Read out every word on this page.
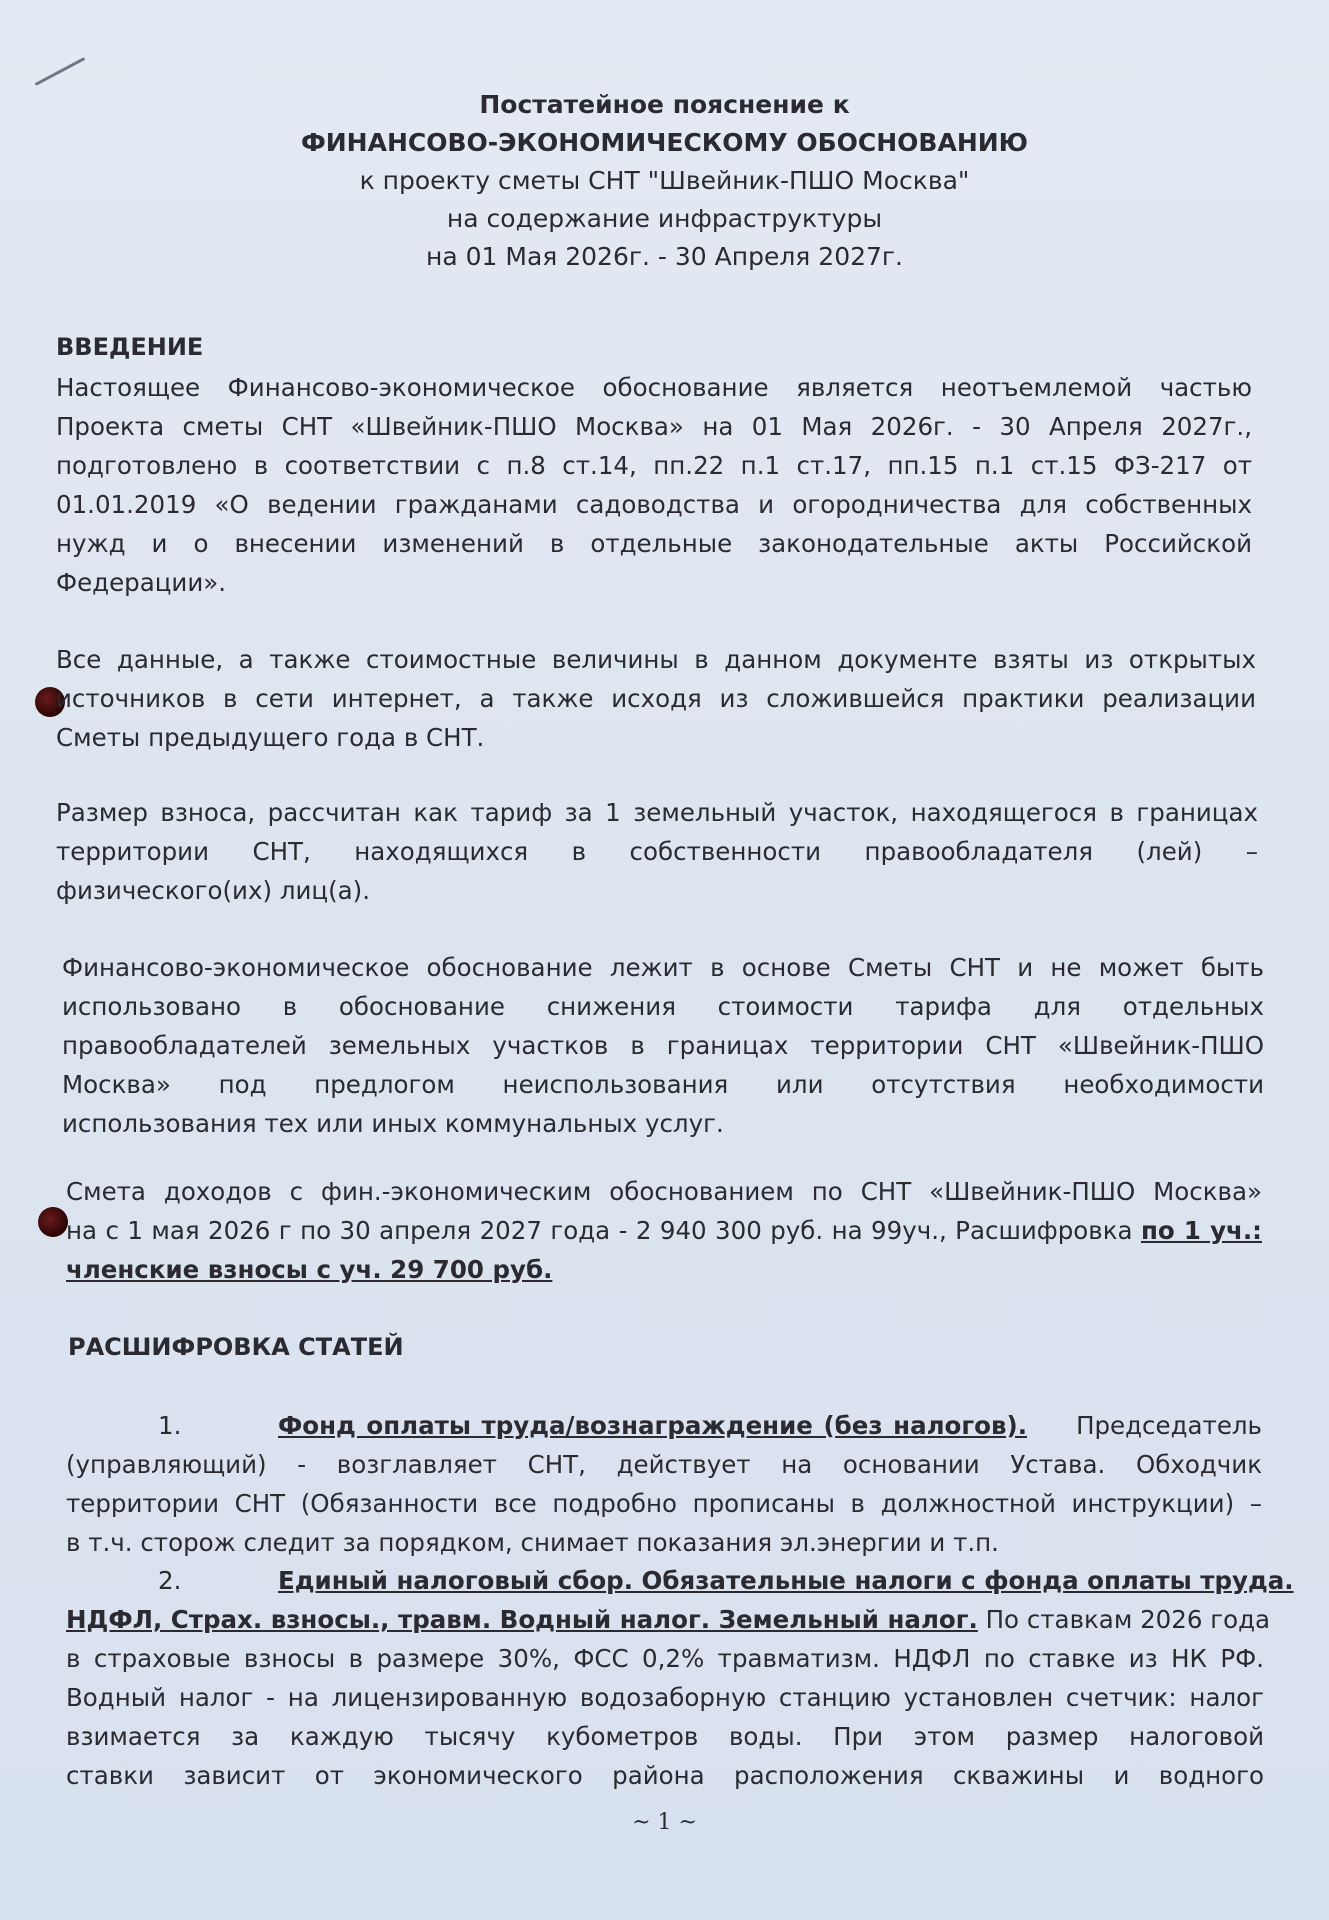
Постатейное пояснение к
ФИНАНСОВО-ЭКОНОМИЧЕСКОМУ ОБОСНОВАНИЮ
к проекту сметы СНТ "Швейник-ПШО Москва"
на содержание инфраструктуры
на 01 Мая 2026г. - 30 Апреля 2027г.
ВВЕДЕНИЕ
Настоящее Финансово-экономическое обоснование является неотъемлемой частью
Проекта сметы СНТ «Швейник-ПШО Москва» на 01 Мая 2026г. - 30 Апреля 2027г.,
подготовлено в соответствии с п.8 ст.14, пп.22 п.1 ст.17, пп.15 п.1 ст.15 ФЗ-217 от
01.01.2019 «О ведении гражданами садоводства и огородничества для собственных
нужд и о внесении изменений в отдельные законодательные акты Российской
Федерации».
Все данные, а также стоимостные величины в данном документе взяты из открытых
источников в сети интернет, а также исходя из сложившейся практики реализации
Сметы предыдущего года в СНТ.
Размер взноса, рассчитан как тариф за 1 земельный участок, находящегося в границах
территории СНТ, находящихся в собственности правообладателя (лей) –
физического(их) лиц(а).
Финансово-экономическое обоснование лежит в основе Сметы СНТ и не может быть
использовано в обоснование снижения стоимости тарифа для отдельных
правообладателей земельных участков в границах территории СНТ «Швейник-ПШО
Москва» под предлогом неиспользования или отсутствия необходимости
использования тех или иных коммунальных услуг.
Смета доходов с фин.-экономическим обоснованием по СНТ «Швейник-ПШО Москва»
на с 1 мая 2026 г по 30 апреля 2027 года - 2 940 300 руб. на 99уч., Расшифровка по 1 уч.:
членские взносы с уч. 29 700 руб.
РАСШИФРОВКА СТАТЕЙ
1.	Фонд оплаты труда/вознаграждение (без налогов). Председатель
(управляющий) - возглавляет СНТ, действует на основании Устава. Обходчик
территории СНТ (Обязанности все подробно прописаны в должностной инструкции) –
в т.ч. сторож следит за порядком, снимает показания эл.энергии и т.п.
2.	Единый налоговый сбор. Обязательные налоги с фонда оплаты труда.
НДФЛ, Страх. взносы., травм. Водный налог. Земельный налог. По ставкам 2026 года
в страховые взносы в размере 30%, ФСС 0,2% травматизм. НДФЛ по ставке из НК РФ.
Водный налог - на лицензированную водозаборную станцию установлен счетчик: налог
взимается за каждую тысячу кубометров воды. При этом размер налоговой
ставки зависит от экономического района расположения скважины и водного
~ 1 ~
